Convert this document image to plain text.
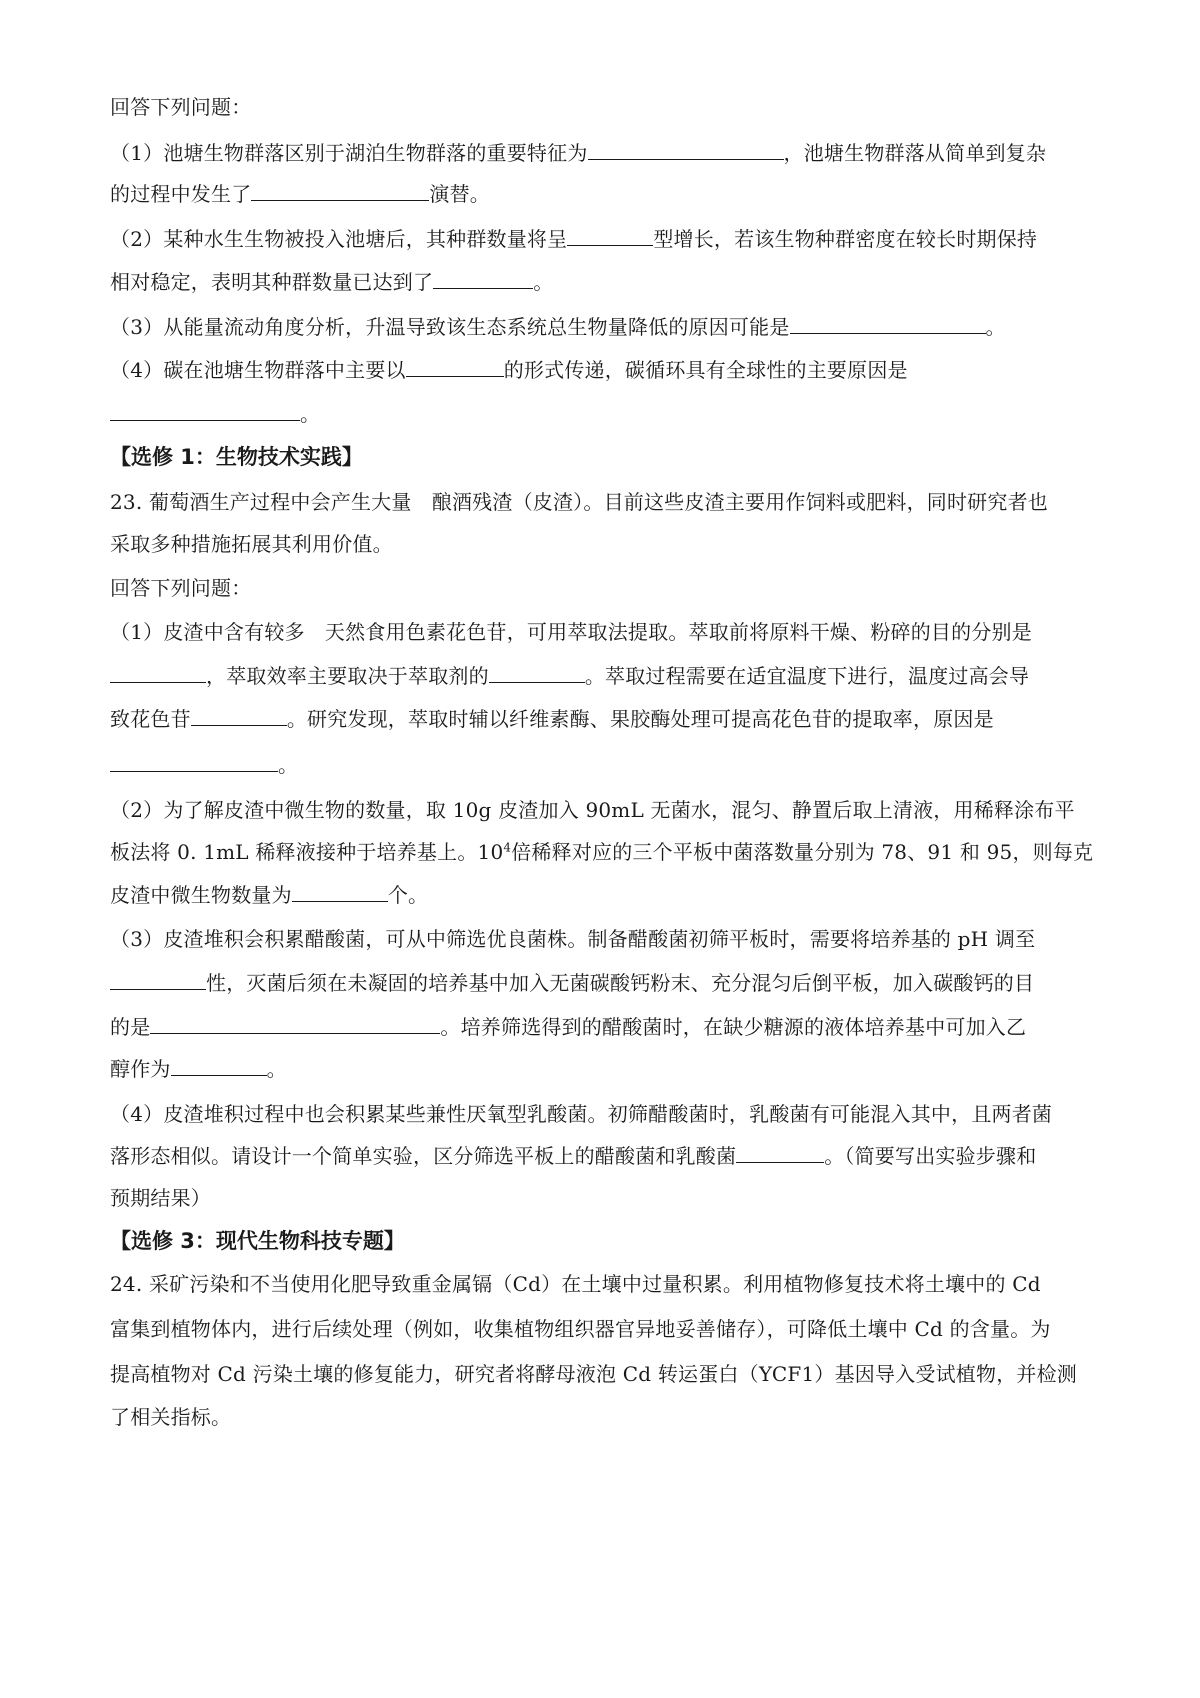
回答下列问题：
（1）池塘生物群落区别于湖泊生物群落的重要特征为	，池塘生物群落从简单到复杂
的过程中发生了	演替。
（2）某种水生生物被投入池塘后，其种群数量将呈	型增长，若该生物种群密度在较长时期保持
相对稳定，表明其种群数量已达到了	。
（3）从能量流动角度分析，升温导致该生态系统总生物量降低的原因可能是	。
（4）碳在池塘生物群落中主要以	的形式传递，碳循环具有全球性的主要原因是
。
【选修 1：生物技术实践】
23. 葡萄酒生产过程中会产生大量　酿酒残渣（皮渣）。目前这些皮渣主要用作饲料或肥料，同时研究者也
采取多种措施拓展其利用价值。
回答下列问题：
（1）皮渣中含有较多　天然食用色素花色苷，可用萃取法提取。萃取前将原料干燥、粉碎的目的分别是
，萃取效率主要取决于萃取剂的	。萃取过程需要在适宜温度下进行，温度过高会导
致花色苷	。研究发现，萃取时辅以纤维素酶、果胶酶处理可提高花色苷的提取率，原因是
。
（2）为了解皮渣中微生物的数量，取 10g 皮渣加入 90mL 无菌水，混匀、静置后取上清液，用稀释涂布平
板法将 0. 1mL 稀释液接种于培养基上。$10^4$倍稀释对应的三个平板中菌落数量分别为 78、91 和 95，则每克
皮渣中微生物数量为	个。
（3）皮渣堆积会积累醋酸菌，可从中筛选优良菌株。制备醋酸菌初筛平板时，需要将培养基的 pH 调至
性，灭菌后须在未凝固的培养基中加入无菌碳酸钙粉末、充分混匀后倒平板，加入碳酸钙的目
的是	。培养筛选得到的醋酸菌时，在缺少糖源的液体培养基中可加入乙
醇作为	。
（4）皮渣堆积过程中也会积累某些兼性厌氧型乳酸菌。初筛醋酸菌时，乳酸菌有可能混入其中，且两者菌
落形态相似。请设计一个简单实验，区分筛选平板上的醋酸菌和乳酸菌	。（简要写出实验步骤和
预期结果）
【选修 3：现代生物科技专题】
24. 采矿污染和不当使用化肥导致重金属镉（Cd）在土壤中过量积累。利用植物修复技术将土壤中的 Cd
富集到植物体内，进行后续处理（例如，收集植物组织器官异地妥善储存），可降低土壤中 Cd 的含量。为
提高植物对 Cd 污染土壤的修复能力，研究者将酵母液泡 Cd 转运蛋白（YCF1）基因导入受试植物，并检测
了相关指标。
